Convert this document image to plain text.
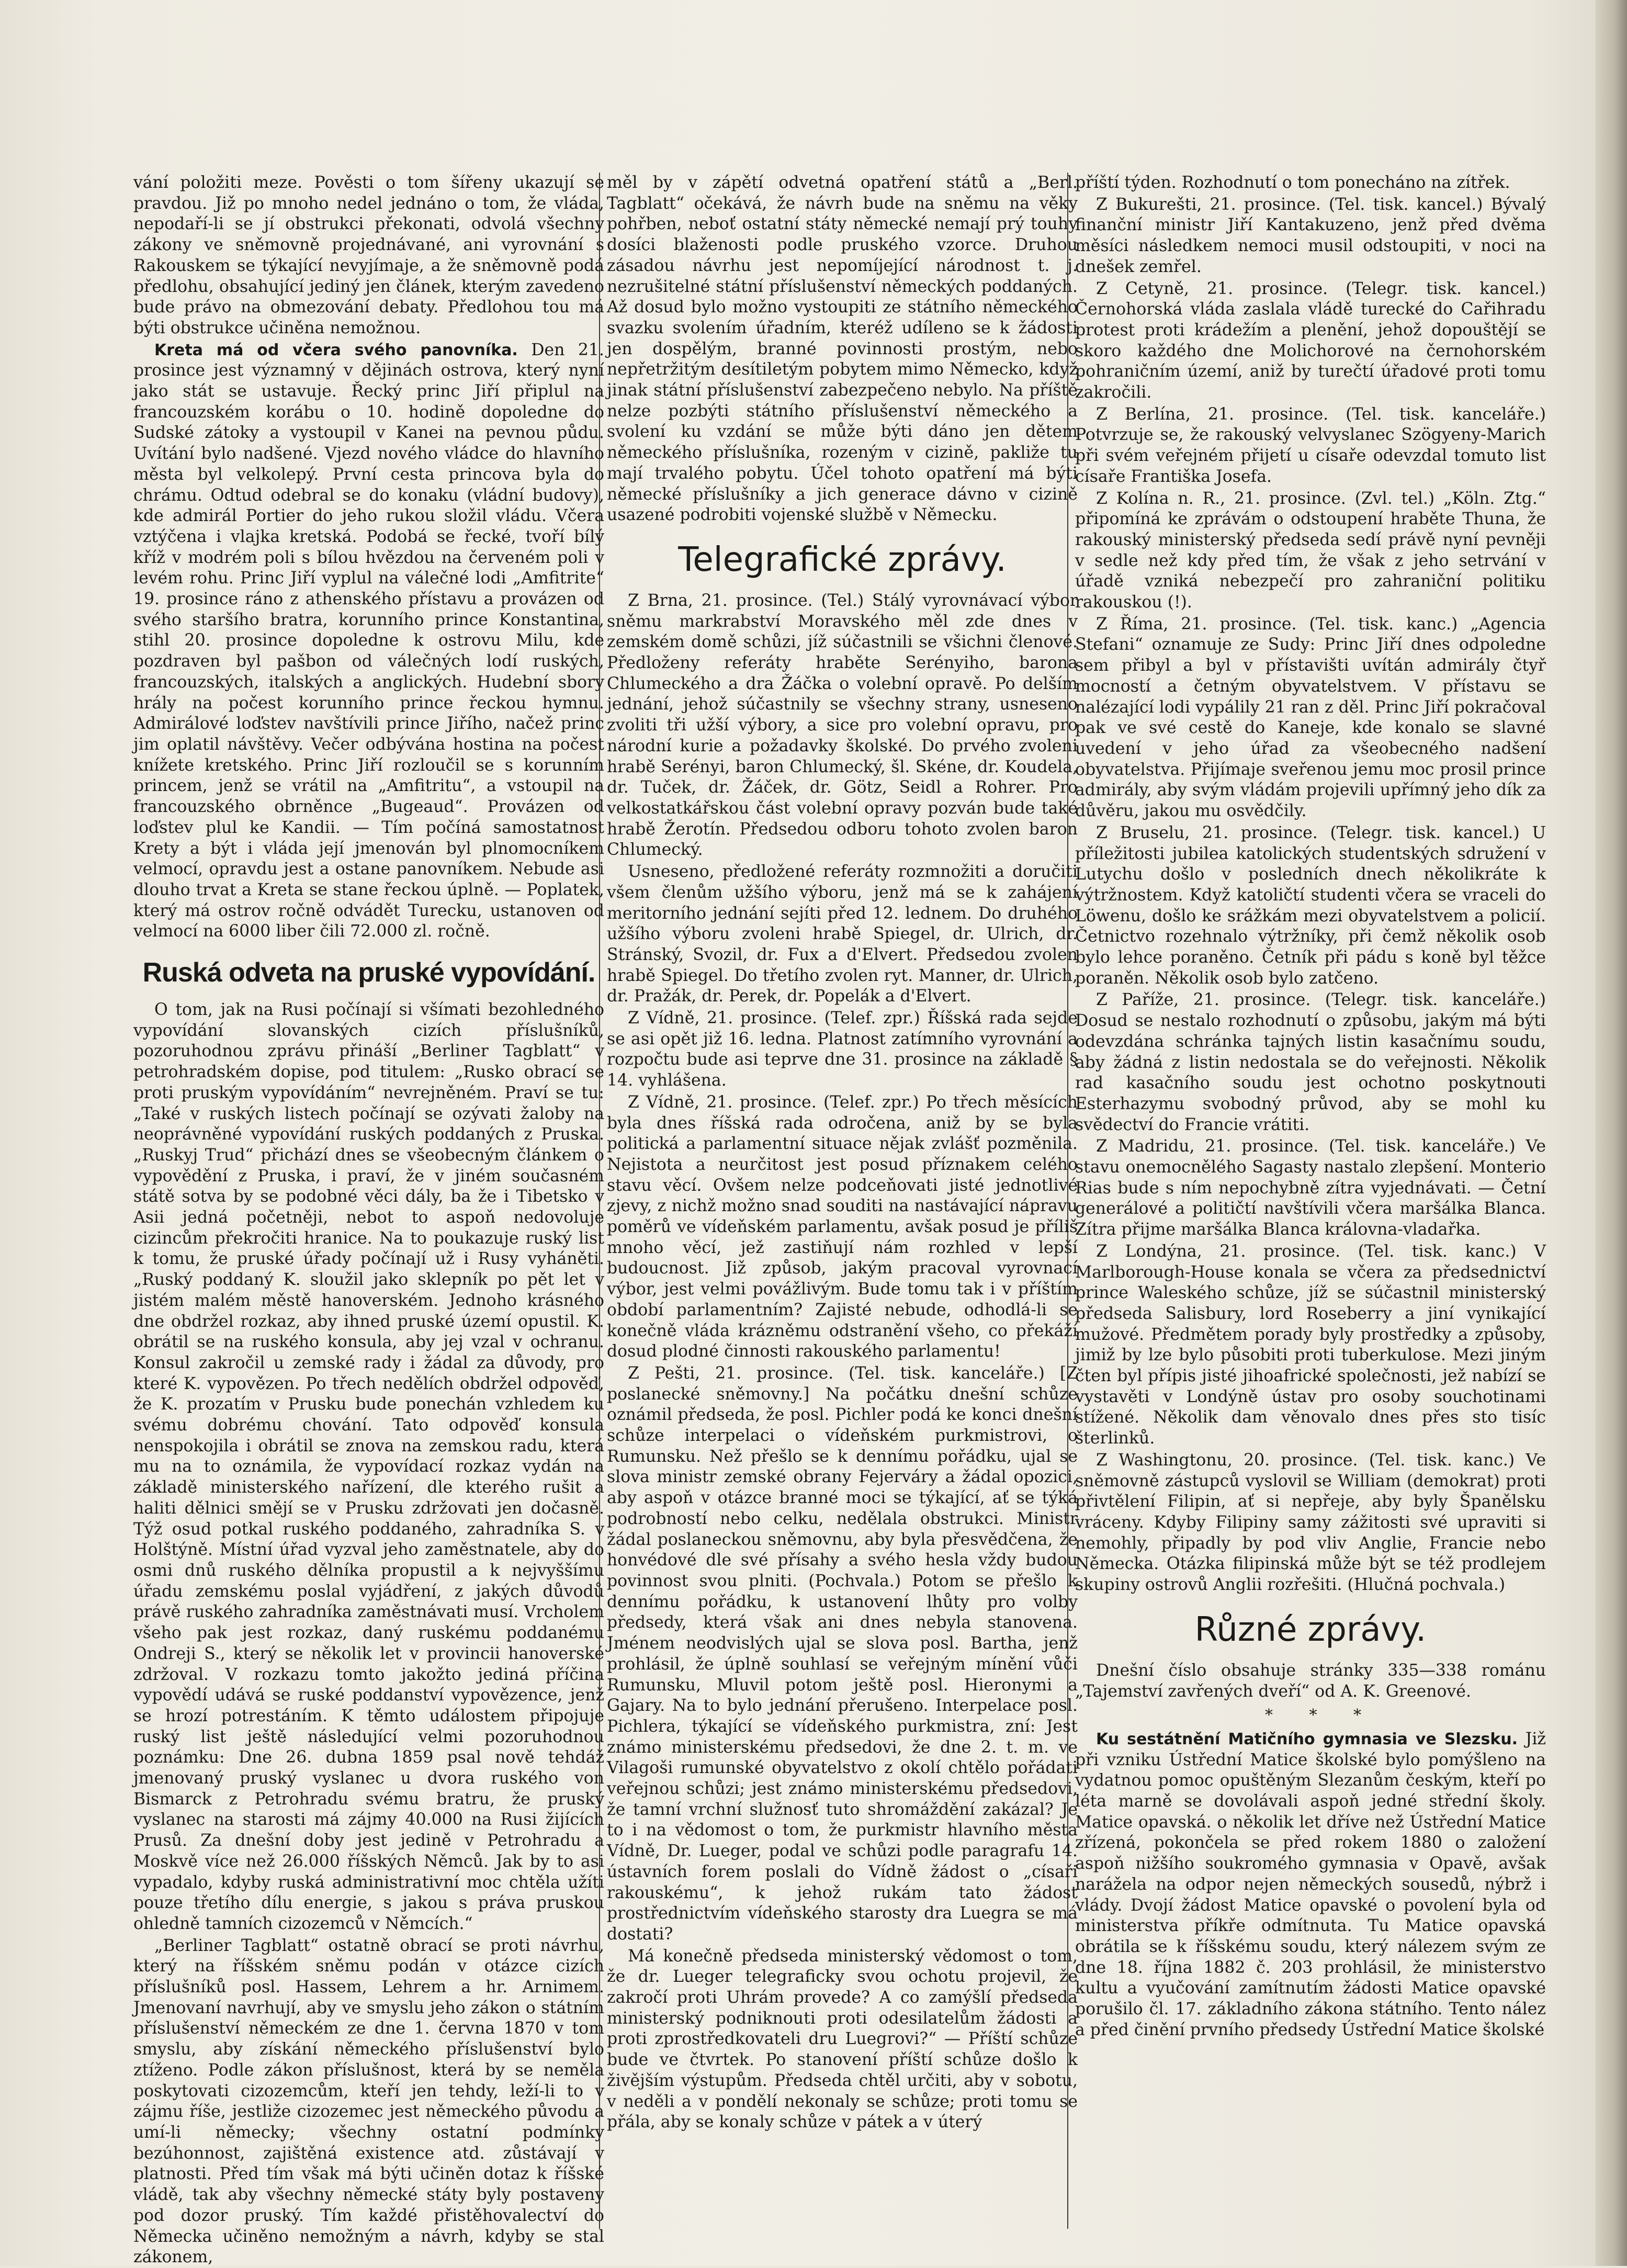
vání položiti meze. Pověsti o tom šířeny ukazují se pravdou. Již po mnoho nedel jednáno o tom, že vláda, nepodaří-li se jí obstrukci překonati, odvolá všechny zákony ve sněmovně projednávané, ani vyrovnání s Rakouskem se týkající nevyjímaje, a že sněmovně podá předlohu, obsahující jediný jen článek, kterým zavedeno bude právo na obmezování debaty. Předlohou tou má býti obstrukce učiněna nemožnou.

Kreta má od včera svého panovníka. Den 21. prosince jest významný v dějinách ostrova, který nyní jako stát se ustavuje. Řecký princ Jiří připlul na francouzském korábu o 10. hodině dopoledne do Sudské zátoky a vystoupil v Kanei na pevnou půdu. Uvítání bylo nadšené. Vjezd nového vládce do hlavního města byl velkolepý. První cesta princova byla do chrámu. Odtud odebral se do konaku (vládní budovy), kde admirál Portier do jeho rukou složil vládu. Včera vztýčena i vlajka kretská. Podobá se řecké, tvoří bílý kříž v modrém poli s bílou hvězdou na červeném poli v levém rohu. Princ Jiří vyplul na válečné lodi „Amfitrite“ 19. prosince ráno z athenského přístavu a provázen od svého staršího bratra, korunního prince Konstantina, stihl 20. prosince dopoledne k ostrovu Milu, kde pozdraven byl pašbon od válečných lodí ruských, francouzských, italských a anglických. Hudební sbory hrály na počest korunního prince řeckou hymnu. Admirálové loďstev navštívili prince Jiřího, načež princ jim oplatil návštěvy. Večer odbývána hostina na počest knížete kretského. Princ Jiří rozloučil se s korunním princem, jenž se vrátil na „Amfitritu“, a vstoupil na francouzského obrněnce „Bugeaud“. Provázen od loďstev plul ke Kandii. — Tím počíná samostatnost Krety a být i vláda její jmenován byl plnomocníkem velmocí, opravdu jest a ostane panovníkem. Nebude asi dlouho trvat a Kreta se stane řeckou úplně. — Poplatek, který má ostrov ročně odvádět Turecku, ustanoven od velmocí na 6000 liber čili 72.000 zl. ročně.

Ruská odveta na pruské vypovídání.

O tom, jak na Rusi počínají si všímati bezohledného vypovídání slovanských cizích příslušníků, pozoruhodnou zprávu přináší „Berliner Tagblatt“ v petrohradském dopise, pod titulem: „Rusko obrací se proti pruským vypovídáním“ nevrejněném. Praví se tu: „Také v ruských listech počínají se ozývati žaloby na neoprávněné vypovídání ruských poddaných z Pruska. „Ruskyj Trud“ přichází dnes se všeobecným článkem o vypovědění z Pruska, i praví, že v jiném současném státě sotva by se podobné věci dály, ba že i Tibetsko v Asii jedná početněji, nebot to aspoň nedovoluje cizincům překročiti hranice. Na to poukazuje ruský list k tomu, že pruské úřady počínají už i Rusy vyháněti. „Ruský poddaný K. sloužil jako sklepník po pět let v jistém malém městě hanoverském. Jednoho krásného dne obdržel rozkaz, aby ihned pruské území opustil. K. obrátil se na ruského konsula, aby jej vzal v ochranu. Konsul zakročil u zemské rady i žádal za důvody, pro které K. vypovězen. Po třech nedělích obdržel odpověď, že K. prozatím v Prusku bude ponechán vzhledem ku svému dobrému chování. Tato odpověď konsula nenspokojila i obrátil se znova na zemskou radu, která mu na to oznámila, že vypovídací rozkaz vydán na základě ministerského nařízení, dle kterého rušit a haliti dělnici smějí se v Prusku zdržovati jen dočasně. Týž osud potkal ruského poddaného, zahradníka S. v Holštýně. Místní úřad vyzval jeho zaměstnatele, aby do osmi dnů ruského dělníka propustil a k nejvyššímu úřadu zemskému poslal vyjádření, z jakých důvodů právě ruského zahradníka zaměstnávati musí. Vrcholem všeho pak jest rozkaz, daný ruskému poddanému Ondreji S., který se několik let v provincii hanoverské zdržoval. V rozkazu tomto jakožto jediná příčina vypovědí udává se ruské poddanství vypovězence, jenž se hrozí potrestáním. K těmto událostem připojuje ruský list ještě následující velmi pozoruhodnou poznámku: Dne 26. dubna 1859 psal nově tehdáž jmenovaný pruský vyslanec u dvora ruského von Bismarck z Petrohradu svému bratru, že pruský vyslanec na starosti má zájmy 40.000 na Rusi žijících Prusů. Za dnešní doby jest jedině v Petrohradu a Moskvě více než 26.000 říšských Němců. Jak by to asi vypadalo, kdyby ruská administrativní moc chtěla užíti pouze třetího dílu energie, s jakou s práva pruskou ohledně tamních cizozemců v Němcích.“

„Berliner Tagblatt“ ostatně obrací se proti návrhu, který na říšském sněmu podán v otázce cizích příslušníků posl. Hassem, Lehrem a hr. Arnimem. Jmenovaní navrhují, aby ve smyslu jeho zákon o státním příslušenství německém ze dne 1. června 1870 v tom smyslu, aby získání německého příslušenství bylo ztíženo. Podle zákon příslušnost, která by se neměla poskytovati cizozemcům, kteří jen tehdy, leží-li to v zájmu říše, jestliže cizozemec jest německého původu a umí-li německy; všechny ostatní podmínky bezúhonnost, zajištěná existence atd. zůstávají v platnosti. Před tím však má býti učiněn dotaz k říšské vládě, tak aby všechny německé státy byly postaveny pod dozor pruský. Tím každé přistěhovalectví do Německa učiněno nemožným a návrh, kdyby se stal zákonem,

měl by v zápětí odvetná opatření států a „Berl. Tagblatt“ očekává, že návrh bude na sněmu na věky pohřben, neboť ostatní státy německé nemají prý touhy dosíci blaženosti podle pruského vzorce. Druhou zásadou návrhu jest nepomíjející národnost t. j. nezrušitelné státní příslušenství německých poddaných. Až dosud bylo možno vystoupiti ze státního německého svazku svolením úřadním, kteréž udíleno se k žádosti jen dospělým, branné povinnosti prostým, nebo nepřetržitým desítiletým pobytem mimo Německo, když jinak státní příslušenství zabezpečeno nebylo. Na příště nelze pozbýti státního příslušenství německého a svolení ku vzdání se může býti dáno jen dětem německého příslušníka, rozeným v cizině, pakliže tu mají trvalého pobytu. Účel tohoto opatření má býti německé příslušníky a jich generace dávno v cizině usazené podrobiti vojenské službě v Německu.

Telegrafické zprávy.

Z Brna, 21. prosince. (Tel.) Stálý vyrovnávací výbor sněmu markrabství Moravského měl zde dnes v zemském domě schůzi, jíž súčastnili se všichni členové. Předloženy referáty hraběte Serényiho, barona Chlumeckého a dra Žáčka o volební opravě. Po delším jednání, jehož súčastnily se všechny strany, usneseno zvoliti tři užší výbory, a sice pro volební opravu, pro národní kurie a požadavky školské. Do prvého zvoleni hrabě Serényi, baron Chlumecký, šl. Skéne, dr. Koudela, dr. Tuček, dr. Žáček, dr. Götz, Seidl a Rohrer. Pro velkostatkářskou část volební opravy pozván bude také hrabě Žerotín. Předsedou odboru tohoto zvolen baron Chlumecký.

Usneseno, předložené referáty rozmnožiti a doručiti všem členům užšího výboru, jenž má se k zahájení meritorního jednání sejíti před 12. lednem. Do druhého užšího výboru zvoleni hrabě Spiegel, dr. Ulrich, dr. Stránský, Svozil, dr. Fux a d'Elvert. Předsedou zvolen hrabě Spiegel. Do třetího zvolen ryt. Manner, dr. Ulrich, dr. Pražák, dr. Perek, dr. Popelák a d'Elvert.

Z Vídně, 21. prosince. (Telef. zpr.) Říšská rada sejde se asi opět již 16. ledna. Platnost zatímního vyrovnání a rozpočtu bude asi teprve dne 31. prosince na základě § 14. vyhlášena.

Z Vídně, 21. prosince. (Telef. zpr.) Po třech měsících byla dnes říšská rada odročena, aniž by se byla politická a parlamentní situace nějak zvlášť pozměnila. Nejistota a neurčitost jest posud příznakem celého stavu věcí. Ovšem nelze podceňovati jisté jednotlivé zjevy, z nichž možno snad souditi na nastávající nápravu poměrů ve vídeňském parlamentu, avšak posud je příliš mnoho věcí, jež zastiňují nám rozhled v lepší budoucnost. Již způsob, jakým pracoval vyrovnací výbor, jest velmi povážlivým. Bude tomu tak i v příštím období parlamentním? Zajisté nebude, odhodlá-li se konečně vláda krázněmu odstranění všeho, co překáží dosud plodné činnosti rakouského parlamentu!

Z Pešti, 21. prosince. (Tel. tisk. kanceláře.) [Z poslanecké sněmovny.] Na počátku dnešní schůze oznámil předseda, že posl. Pichler podá ke konci dnešní schůze interpelaci o vídeňském purkmistrovi, o Rumunsku. Než přešlo se k dennímu pořádku, ujal se slova ministr zemské obrany Fejerváry a žádal opozici, aby aspoň v otázce branné moci se týkající, ať se týká podrobností nebo celku, nedělala obstrukci. Ministr žádal poslaneckou sněmovnu, aby byla přesvědčena, že honvédové dle své přísahy a svého hesla vždy budou povinnost svou plniti. (Pochvala.) Potom se přešlo k dennímu pořádku, k ustanovení lhůty pro volby předsedy, která však ani dnes nebyla stanovena. Jménem neodvislých ujal se slova posl. Bartha, jenž prohlásil, že úplně souhlasí se veřejným mínění vůči Rumunsku, Mluvil potom ještě posl. Hieronymi a Gajary. Na to bylo jednání přerušeno. Interpelace posl. Pichlera, týkající se vídeňského purkmistra, zní: Jest známo ministerskému předsedovi, že dne 2. t. m. ve Vilagoši rumunské obyvatelstvo z okolí chtělo pořádati veřejnou schůzi; jest známo ministerskému předsedovi, že tamní vrchní služnosť tuto shromáždění zakázal? Je to i na vědomost o tom, že purkmistr hlavního města Vídně, Dr. Lueger, podal ve schůzi podle paragrafu 14. ústavních forem poslali do Vídně žádost o „císaři rakouskému“, k jehož rukám tato žádost prostřednictvím vídeňského starosty dra Luegra se má dostati?

Má konečně předseda ministerský vědomost o tom, že dr. Lueger telegraficky svou ochotu projevil, že zakročí proti Uhrám provede? A co zamýšlí předseda ministerský podniknouti proti odesilatelům žádosti a proti zprostředkovateli dru Luegrovi?“ — Příští schůze bude ve čtvrtek. Po stanovení příští schůze došlo k živějším výstupům. Předseda chtěl určiti, aby v sobotu, v neděli a v pondělí nekonaly se schůze; proti tomu se přála, aby se konaly schůze v pátek a v úterý

příští týden. Rozhodnutí o tom ponecháno na zítřek.

Z Bukurešti, 21. prosince. (Tel. tisk. kancel.) Bývalý finanční ministr Jiří Kantakuzeno, jenž před dvěma měsíci následkem nemoci musil odstoupiti, v noci na dnešek zemřel.

Z Cetyně, 21. prosince. (Telegr. tisk. kancel.) Černohorská vláda zaslala vládě turecké do Cařihradu protest proti krádežím a plenění, jehož dopouštějí se skoro každého dne Molichorové na černohorském pohraničním území, aniž by turečtí úřadové proti tomu zakročili.

Z Berlína, 21. prosince. (Tel. tisk. kanceláře.) Potvrzuje se, že rakouský velvyslanec Szögyeny-Marich při svém veřejném přijetí u císaře odevzdal tomuto list císaře Františka Josefa.

Z Kolína n. R., 21. prosince. (Zvl. tel.) „Köln. Ztg.“ připomíná ke zprávám o odstoupení hraběte Thuna, že rakouský ministerský předseda sedí právě nyní pevněji v sedle než kdy před tím, že však z jeho setrvání v úřadě vzniká nebezpečí pro zahraniční politiku rakouskou (!).

Z Říma, 21. prosince. (Tel. tisk. kanc.) „Agencia Stefani“ oznamuje ze Sudy: Princ Jiří dnes odpoledne sem přibyl a byl v přístavišti uvítán admirály čtyř mocností a četným obyvatelstvem. V přístavu se nalézající lodi vypálily 21 ran z děl. Princ Jiří pokračoval pak ve své cestě do Kaneje, kde konalo se slavné uvedení v jeho úřad za všeobecného nadšení obyvatelstva. Přijímaje sveřenou jemu moc prosil prince admirály, aby svým vládám projevili upřímný jeho dík za důvěru, jakou mu osvědčily.

Z Bruselu, 21. prosince. (Telegr. tisk. kancel.) U příležitosti jubilea katolických studentských sdružení v Lutychu došlo v posledních dnech několikráte k výtržnostem. Když katoličtí studenti včera se vraceli do Löwenu, došlo ke srážkám mezi obyvatelstvem a policií. Četnictvo rozehnalo výtržníky, při čemž několik osob bylo lehce poraněno. Četník při pádu s koně byl těžce poraněn. Několik osob bylo zatčeno.

Z Paříže, 21. prosince. (Telegr. tisk. kanceláře.) Dosud se nestalo rozhodnutí o způsobu, jakým má býti odevzdána schránka tajných listin kasačnímu soudu, aby žádná z listin nedostala se do veřejnosti. Několik rad kasačního soudu jest ochotno poskytnouti Esterhazymu svobodný průvod, aby se mohl ku svědectví do Francie vrátiti.

Z Madridu, 21. prosince. (Tel. tisk. kanceláře.) Ve stavu onemocnělého Sagasty nastalo zlepšení. Monterio Rias bude s ním nepochybně zítra vyjednávati. — Četní generálové a političtí navštívili včera maršálka Blanca. Zítra přijme maršálka Blanca královna-vladařka.

Z Londýna, 21. prosince. (Tel. tisk. kanc.) V Marlborough-House konala se včera za předsednictví prince Waleského schůze, jíž se súčastnil ministerský předseda Salisbury, lord Roseberry a jiní vynikající mužové. Předmětem porady byly prostředky a způsoby, jimiž by lze bylo působiti proti tuberkulose. Mezi jiným čten byl přípis jisté jihoafrické společnosti, jež nabízí se vystavěti v Londýně ústav pro osoby souchotinami stížené. Několik dam věnovalo dnes přes sto tisíc šterlinků.

Z Washingtonu, 20. prosince. (Tel. tisk. kanc.) Ve sněmovně zástupců vyslovil se William (demokrat) proti přivtělení Filipin, ať si nepřeje, aby byly Španělsku vráceny. Kdyby Filipiny samy zážitosti své upraviti si nemohly, připadly by pod vliv Anglie, Francie nebo Německa. Otázka filipinská může být se též prodlejem skupiny ostrovů Anglii rozřešiti. (Hlučná pochvala.)

Různé zprávy.

Dnešní číslo obsahuje stránky 335—338 románu „Tajemství zavřených dveří“ od A. K. Greenové.

* * *

Ku sestátnění Matičního gymnasia ve Slezsku. Již při vzniku Ústřední Matice školské bylo pomýšleno na vydatnou pomoc opuštěným Slezanům českým, kteří po léta marně se dovolávali aspoň jedné střední školy. Matice opavská. o několik let dříve než Ústřední Matice zřízená, pokončela se před rokem 1880 o založení aspoň nižšího soukromého gymnasia v Opavě, avšak narážela na odpor nejen německých sousedů, nýbrž i vlády. Dvojí žádost Matice opavské o povolení byla od ministerstva příkře odmítnuta. Tu Matice opavská obrátila se k říšskému soudu, který nálezem svým ze dne 18. října 1882 č. 203 prohlásil, že ministerstvo kultu a vyučování zamítnutím žádosti Matice opavské porušilo čl. 17. základního zákona státního. Tento nález a před činění prvního předsedy Ústřední Matice školské
